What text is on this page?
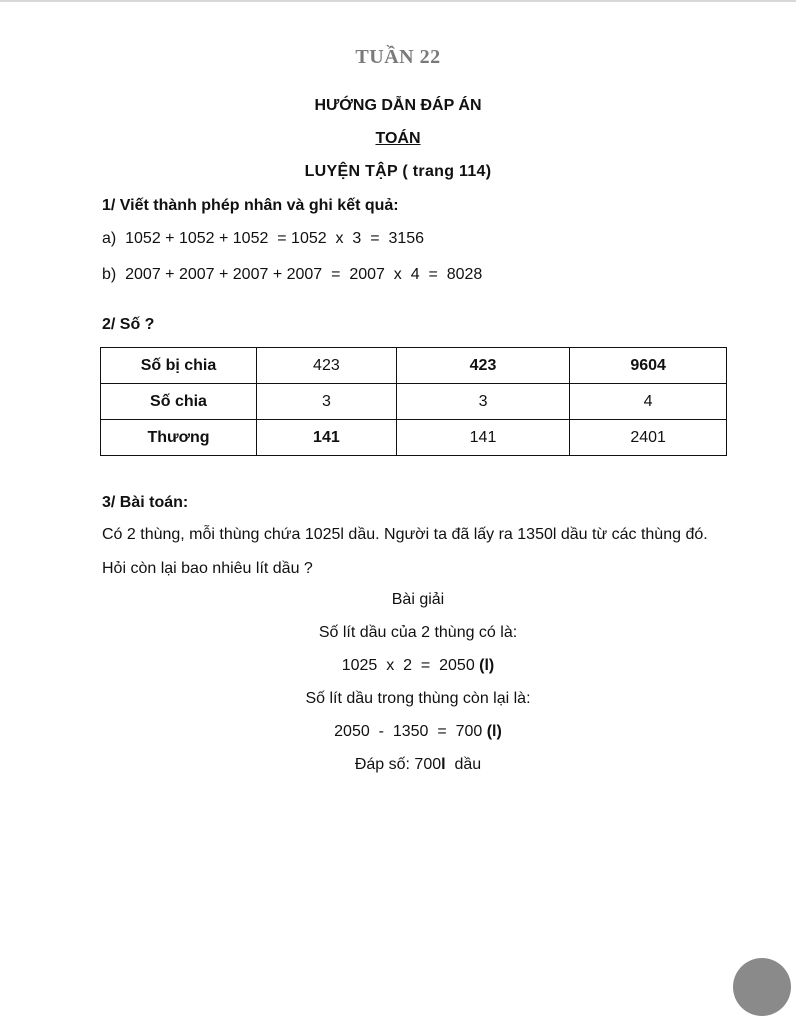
TUẦN 22
HƯỚNG DẪN ĐÁP ÁN
TOÁN
LUYỆN TẬP ( trang 114)
1/ Viết thành phép nhân và ghi kết quả:
a)  1052 + 1052 + 1052  = 1052  x  3  =  3156
b)  2007 + 2007 + 2007 + 2007  =  2007  x  4  =  8028
2/ Số ?
Số bị chia	423	423	9604
Số chia	3	3	4
Thương	141	141	2401
3/ Bài toán:
Có 2 thùng, mỗi thùng chứa 1025l dầu. Người ta đã lấy ra 1350l dầu từ các thùng đó.
Hỏi còn lại bao nhiêu lít dầu ?
Bài giải
Số lít dầu của 2 thùng có là:
1025  x  2  =  2050 (l)
Số lít dầu trong thùng còn lại là:
2050  -  1350  =  700 (l)
Đáp số: 700l  dầu
